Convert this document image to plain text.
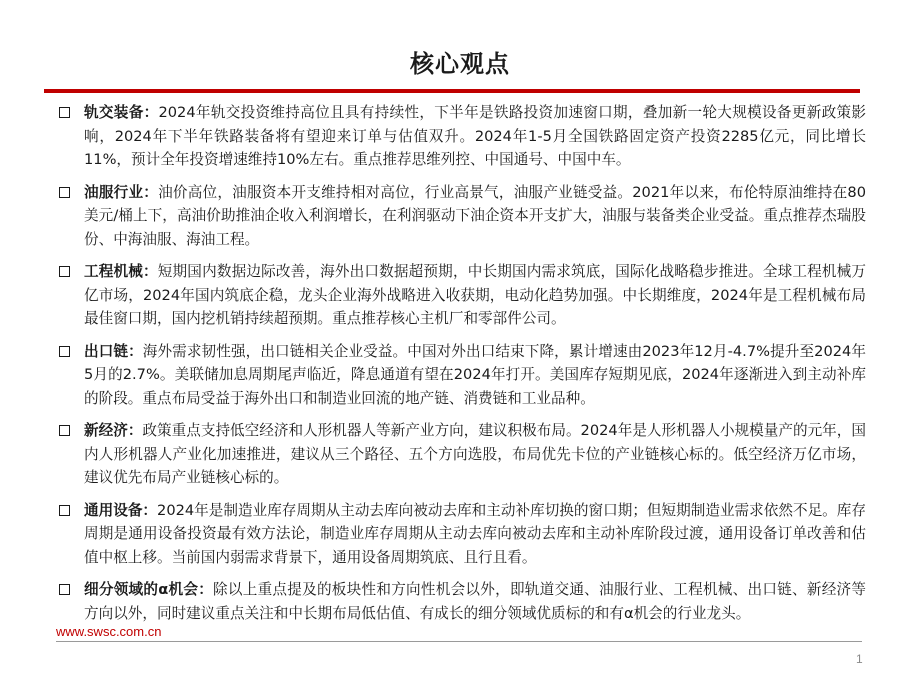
核心观点
轨交装备：2024年轨交投资维持高位且具有持续性，下半年是铁路投资加速窗口期，叠加新一轮大规模设备更新政策影响，2024年下半年铁路装备将有望迎来订单与估值双升。2024年1-5月全国铁路固定资产投资2285亿元，同比增长11%，预计全年投资增速维持10%左右。重点推荐思维列控、中国通号、中国中车。
油服行业：油价高位，油服资本开支维持相对高位，行业高景气，油服产业链受益。2021年以来，布伦特原油维持在80美元/桶上下，高油价助推油企收入利润增长，在利润驱动下油企资本开支扩大，油服与装备类企业受益。重点推荐杰瑞股份、中海油服、海油工程。
工程机械：短期国内数据边际改善，海外出口数据超预期，中长期国内需求筑底，国际化战略稳步推进。全球工程机械万亿市场，2024年国内筑底企稳，龙头企业海外战略进入收获期，电动化趋势加强。中长期维度，2024年是工程机械布局最佳窗口期，国内挖机销持续超预期。重点推荐核心主机厂和零部件公司。
出口链：海外需求韧性强，出口链相关企业受益。中国对外出口结束下降，累计增速由2023年12月-4.7%提升至2024年5月的2.7%。美联储加息周期尾声临近，降息通道有望在2024年打开。美国库存短期见底，2024年逐渐进入到主动补库的阶段。重点布局受益于海外出口和制造业回流的地产链、消费链和工业品种。
新经济：政策重点支持低空经济和人形机器人等新产业方向，建议积极布局。2024年是人形机器人小规模量产的元年，国内人形机器人产业化加速推进，建议从三个路径、五个方向选股，布局优先卡位的产业链核心标的。低空经济万亿市场，建议优先布局产业链核心标的。
通用设备：2024年是制造业库存周期从主动去库向被动去库和主动补库切换的窗口期；但短期制造业需求依然不足。库存周期是通用设备投资最有效方法论，制造业库存周期从主动去库向被动去库和主动补库阶段过渡，通用设备订单改善和估值中枢上移。当前国内弱需求背景下，通用设备周期筑底、且行且看。
细分领域的α机会：除以上重点提及的板块性和方向性机会以外，即轨道交通、油服行业、工程机械、出口链、新经济等方向以外，同时建议重点关注和中长期布局低估值、有成长的细分领域优质标的和有α机会的行业龙头。
www.swsc.com.cn
1
